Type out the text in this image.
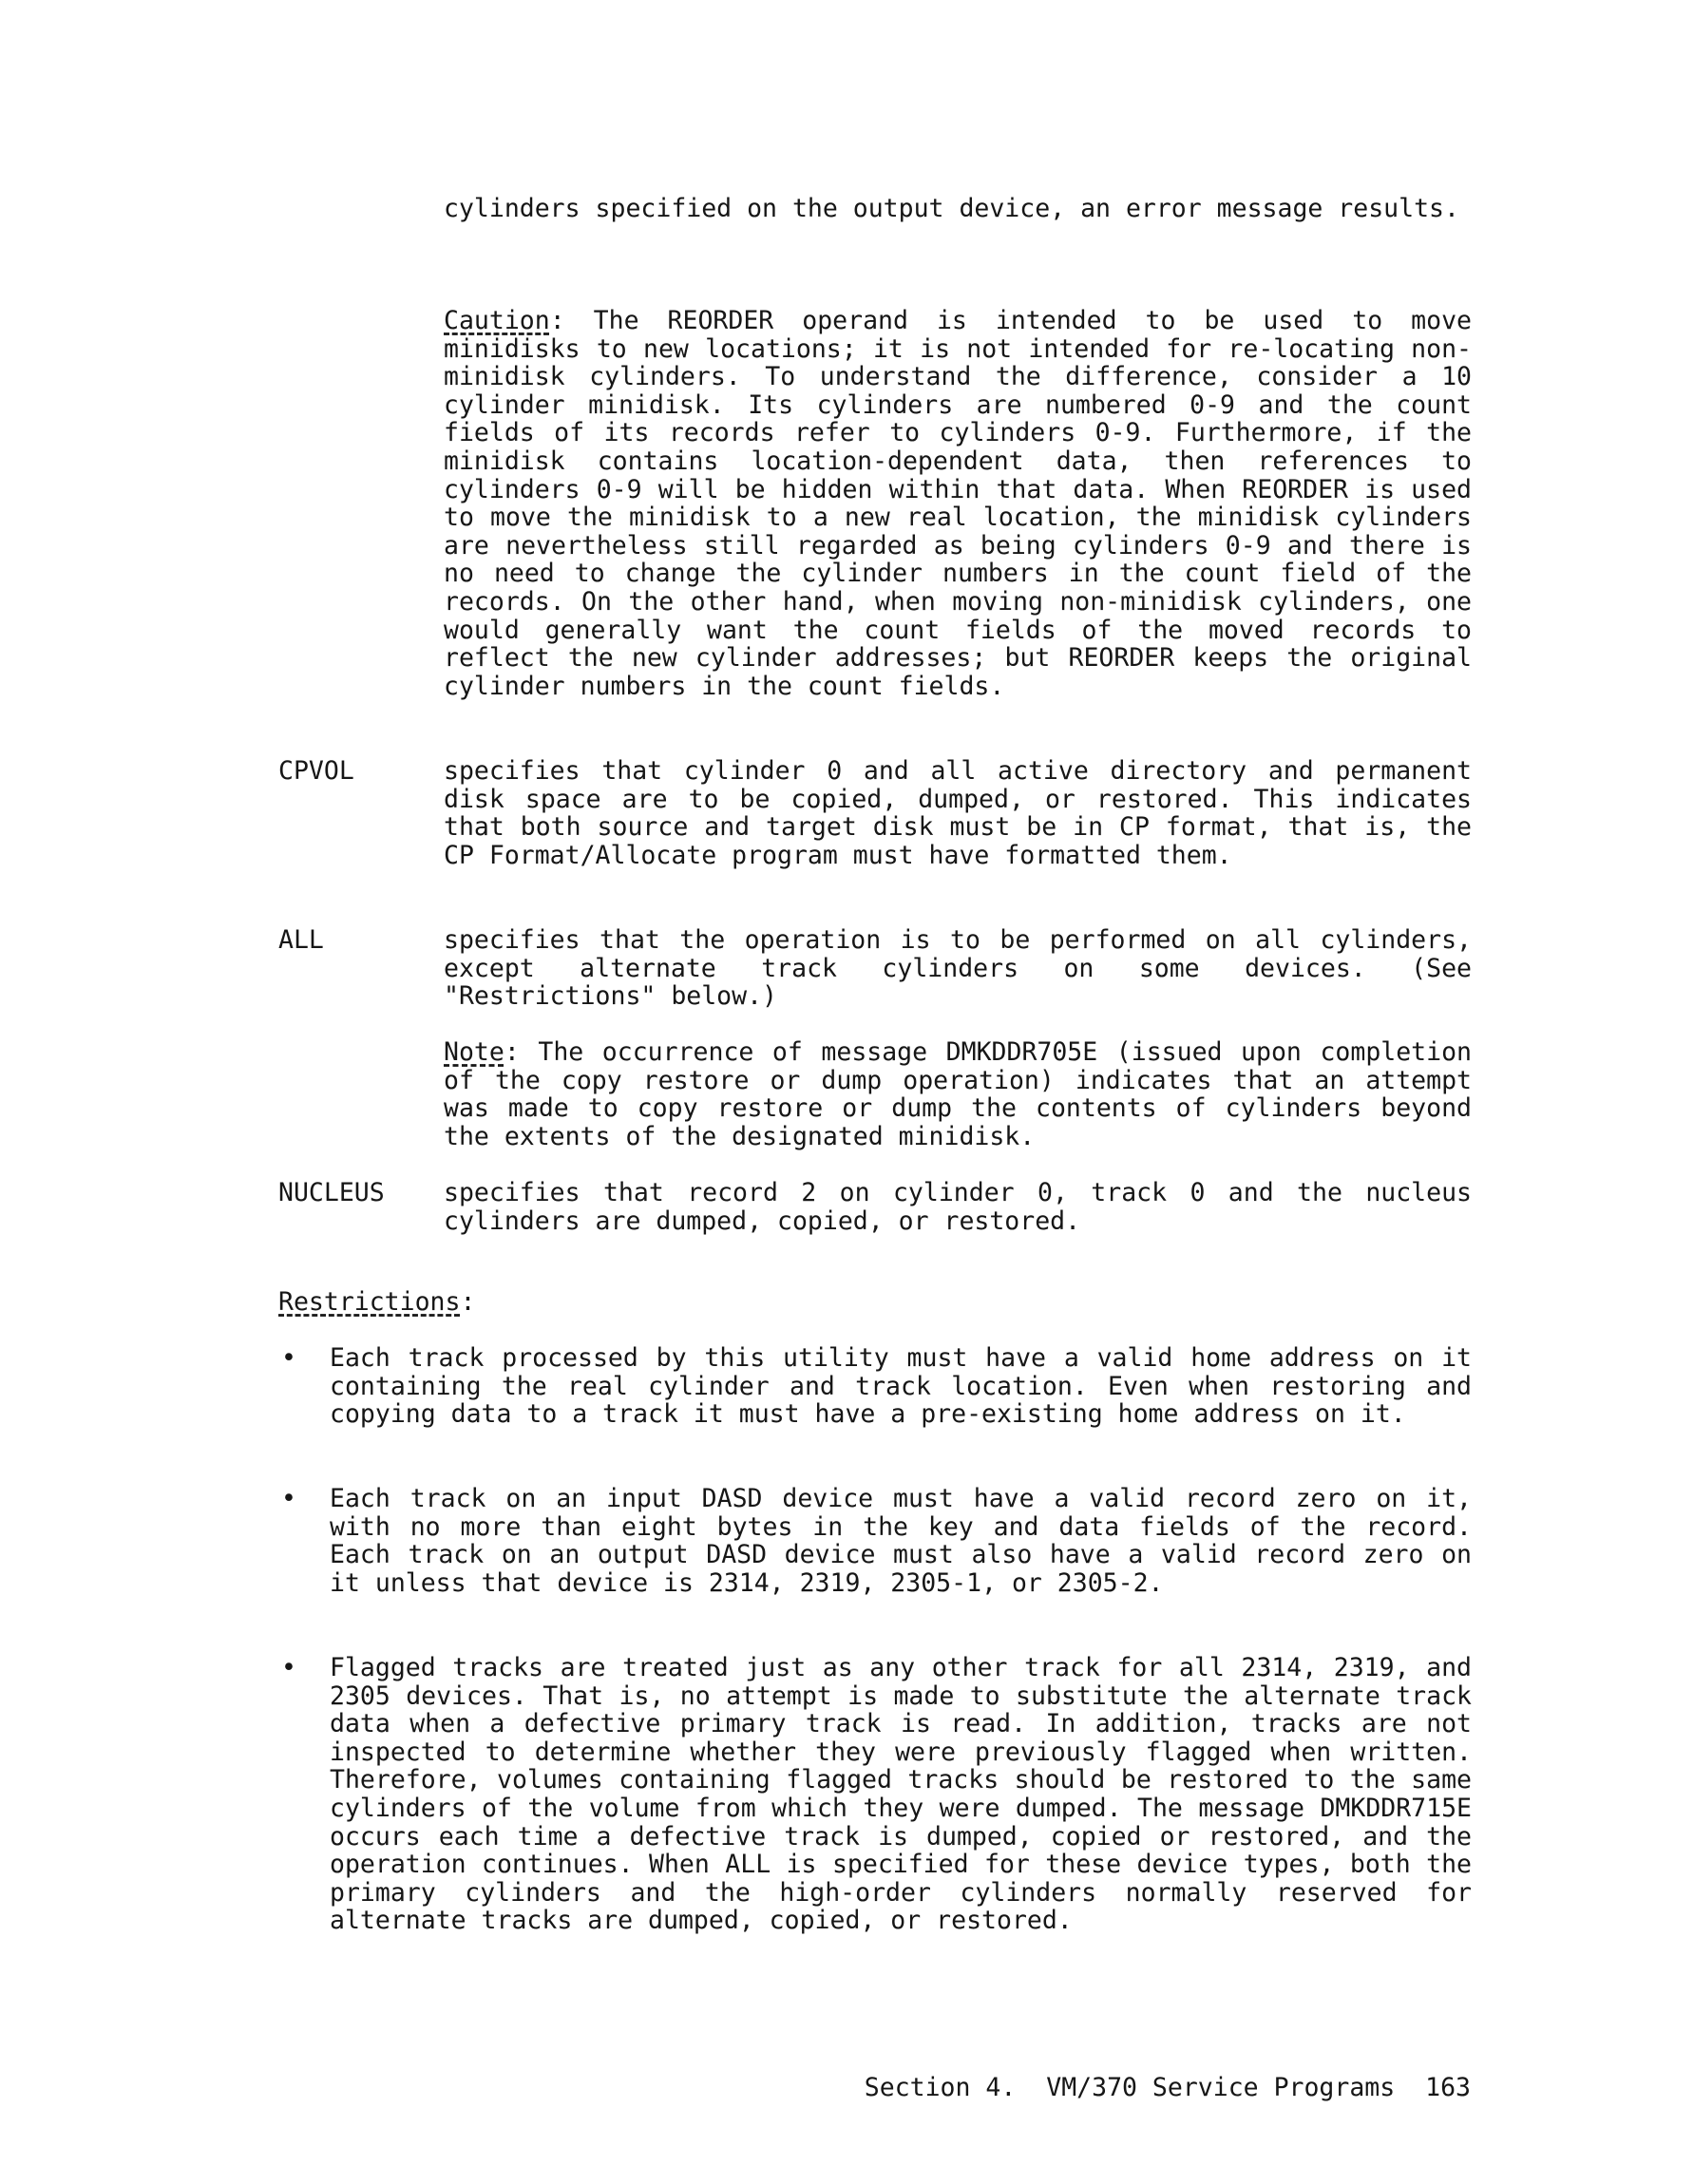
cylinders specified on the output device, an error message results.

Caution: The REORDER operand is intended to be used to move minidisks to new locations; it is not intended for re-locating non-minidisk cylinders. To understand the difference, consider a 10 cylinder minidisk. Its cylinders are numbered 0-9 and the count fields of its records refer to cylinders 0-9. Furthermore, if the minidisk contains location-dependent data, then references to cylinders 0-9 will be hidden within that data. When REORDER is used to move the minidisk to a new real location, the minidisk cylinders are nevertheless still regarded as being cylinders 0-9 and there is no need to change the cylinder numbers in the count field of the records. On the other hand, when moving non-minidisk cylinders, one would generally want the count fields of the moved records to reflect the new cylinder addresses; but REORDER keeps the original cylinder numbers in the count fields.

CPVOL	specifies that cylinder 0 and all active directory and permanent disk space are to be copied, dumped, or restored. This indicates that both source and target disk must be in CP format, that is, the CP Format/Allocate program must have formatted them.

ALL	specifies that the operation is to be performed on all cylinders, except alternate track cylinders on some devices. (See "Restrictions" below.)

Note: The occurrence of message DMKDDR705E (issued upon completion of the copy restore or dump operation) indicates that an attempt was made to copy restore or dump the contents of cylinders beyond the extents of the designated minidisk.

NUCLEUS specifies that record 2 on cylinder 0, track 0 and the nucleus cylinders are dumped, copied, or restored.

Restrictions:
• Each track processed by this utility must have a valid home address on it containing the real cylinder and track location. Even when restoring and copying data to a track it must have a pre-existing home address on it.

• Each track on an input DASD device must have a valid record zero on it, with no more than eight bytes in the key and data fields of the record. Each track on an output DASD device must also have a valid record zero on it unless that device is 2314, 2319, 2305-1, or 2305-2.

• Flagged tracks are treated just as any other track for all 2314, 2319, and 2305 devices. That is, no attempt is made to substitute the alternate track data when a defective primary track is read. In addition, tracks are not inspected to determine whether they were previously flagged when written. Therefore, volumes containing flagged tracks should be restored to the same cylinders of the volume from which they were dumped. The message DMKDDR715E occurs each time a defective track is dumped, copied or restored, and the operation continues. When ALL is specified for these device types, both the primary cylinders and the high-order cylinders normally reserved for alternate tracks are dumped, copied, or restored.

Section 4. VM/370 Service Programs 163
